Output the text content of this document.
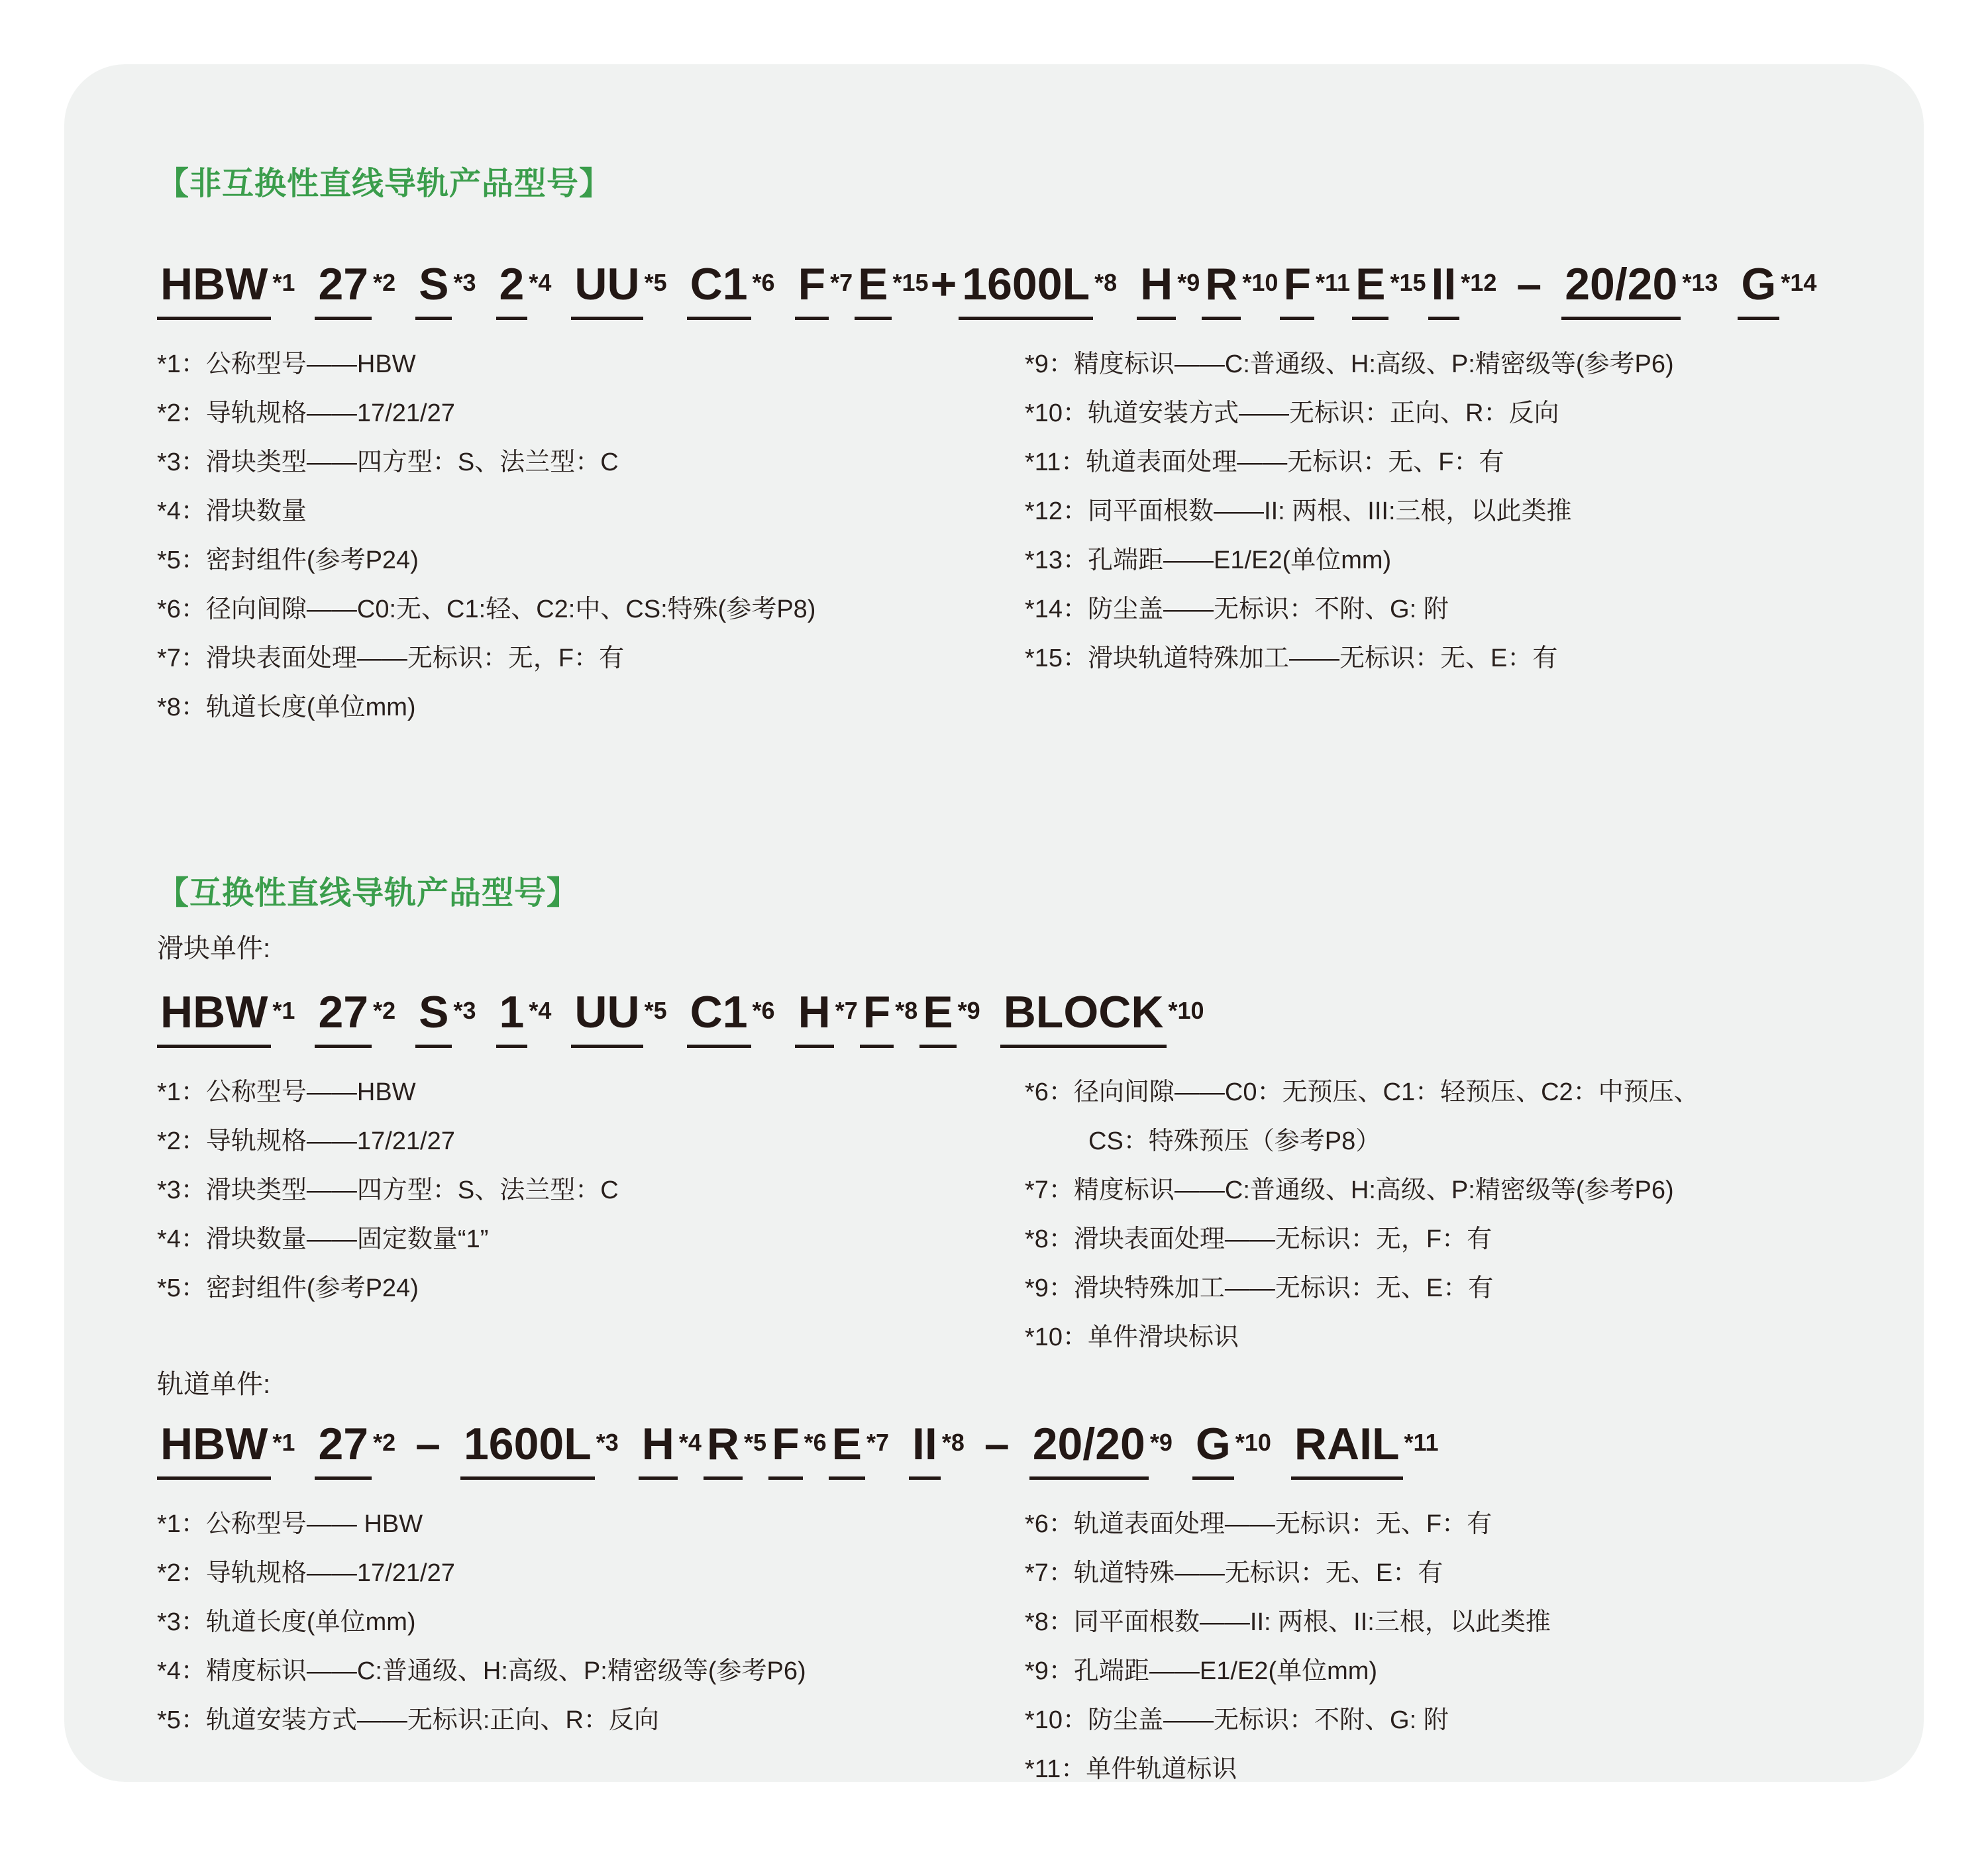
【非互换性直线导轨产品型号】
HBW *1 27 *2 S *3 2 *4 UU *5 C1 *6 F *7 E *15+ 1600L *8 H *9 R *10 F *11 E *15 II *12 – 20/20 *13 G *14

*1：公称型号——HBW

*2：导轨规格——17/21/27

*3：滑块类型——四方型：S、法兰型：C

*4：滑块数量

*5：密封组件(参考P24)

*6：径向间隙——C0:无、C1:轻、C2:中、CS:特殊(参考P8)

*7：滑块表面处理——无标识：无，F：有

*8：轨道长度(单位mm)

*9：精度标识——C:普通级、H:高级、P:精密级等(参考P6)

*10：轨道安装方式——无标识：正向、R：反向

*11：轨道表面处理——无标识：无、F：有

*12：同平面根数——II: 两根、III:三根，以此类推

*13：孔端距——E1/E2(单位mm)

*14：防尘盖——无标识：不附、G: 附

*15：滑块轨道特殊加工——无标识：无、E：有

【互换性直线导轨产品型号】

滑块单件:

HBW *1 27 *2 S *3 1 *4 UU *5 C1 *6 H *7 F *8 E *9 BLOCK *10

*1：公称型号——HBW

*2：导轨规格——17/21/27

*3：滑块类型——四方型：S、法兰型：C

*4：滑块数量——固定数量“1”

*5：密封组件(参考P24)

*6：径向间隙——C0：无预压、C1：轻预压、C2：中预压、

CS：特殊预压（参考P8）

*7：精度标识——C:普通级、H:高级、P:精密级等(参考P6)

*8：滑块表面处理——无标识：无，F：有

*9：滑块特殊加工——无标识：无、E：有

*10：单件滑块标识

轨道单件:

HBW *1 27 *2 – 1600L *3 H *4 R *5 F *6 E *7 II *8 – 20/20 *9 G *10 RAIL *11

*1：公称型号—— HBW

*2：导轨规格——17/21/27

*3：轨道长度(单位mm)

*4：精度标识——C:普通级、H:高级、P:精密级等(参考P6)

*5：轨道安装方式——无标识:正向、R：反向

*6：轨道表面处理——无标识：无、F：有

*7：轨道特殊——无标识：无、E：有

*8：同平面根数——II: 两根、II:三根，以此类推

*9：孔端距——E1/E2(单位mm)

*10：防尘盖——无标识：不附、G: 附

*11：单件轨道标识
